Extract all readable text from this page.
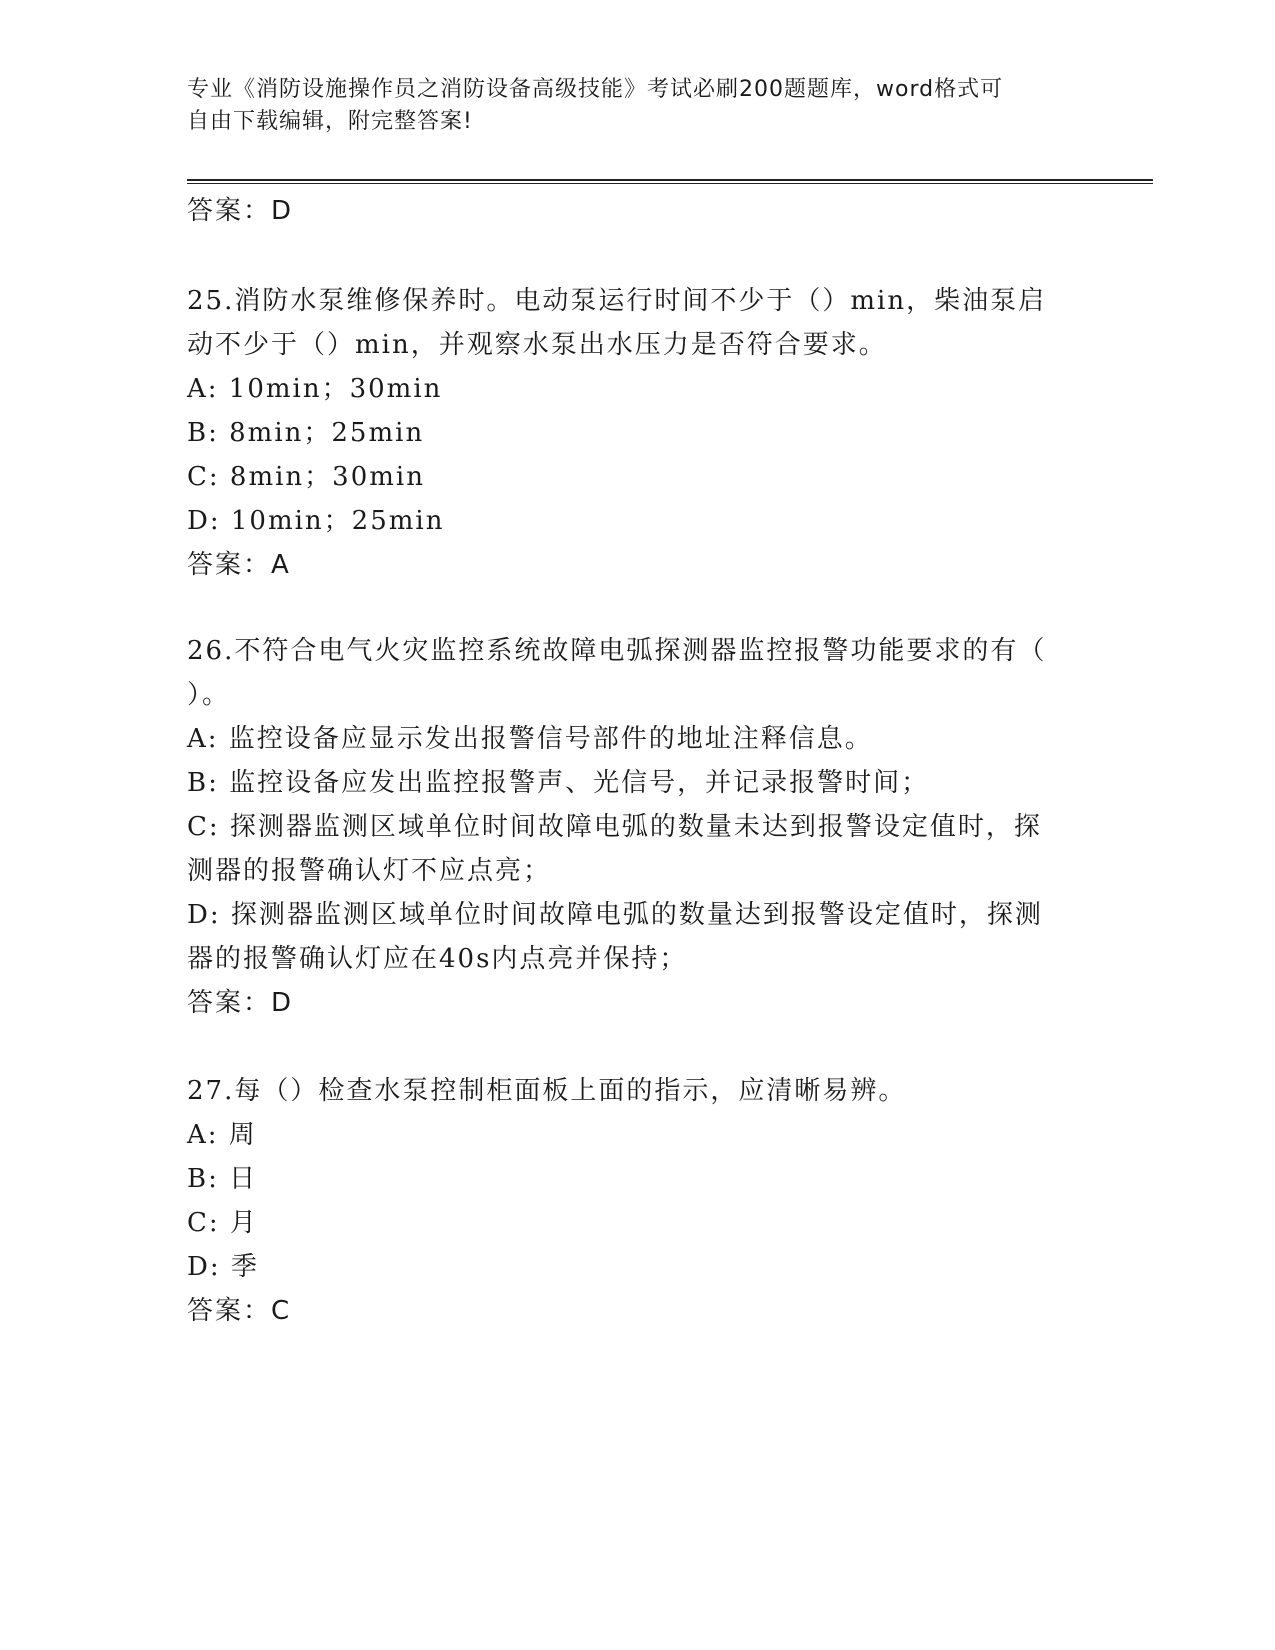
专业《消防设施操作员之消防设备高级技能》考试必刷200题题库，word格式可
自由下载编辑，附完整答案!
答案：D
25.消防水泵维修保养时。电动泵运行时间不少于（）min，柴油泵启
动不少于（）min，并观察水泵出水压力是否符合要求。
A: 10min；30min
B: 8min；25min
C: 8min；30min
D: 10min；25min
答案：A
26.不符合电气火灾监控系统故障电弧探测器监控报警功能要求的有（
）。
A: 监控设备应显示发出报警信号部件的地址注释信息。
B: 监控设备应发出监控报警声、光信号，并记录报警时间；
C: 探测器监测区域单位时间故障电弧的数量未达到报警设定值时，探
测器的报警确认灯不应点亮；
D: 探测器监测区域单位时间故障电弧的数量达到报警设定值时，探测
器的报警确认灯应在40s内点亮并保持；
答案：D
27.每（）检查水泵控制柜面板上面的指示，应清晰易辨。
A: 周
B: 日
C: 月
D: 季
答案：C
